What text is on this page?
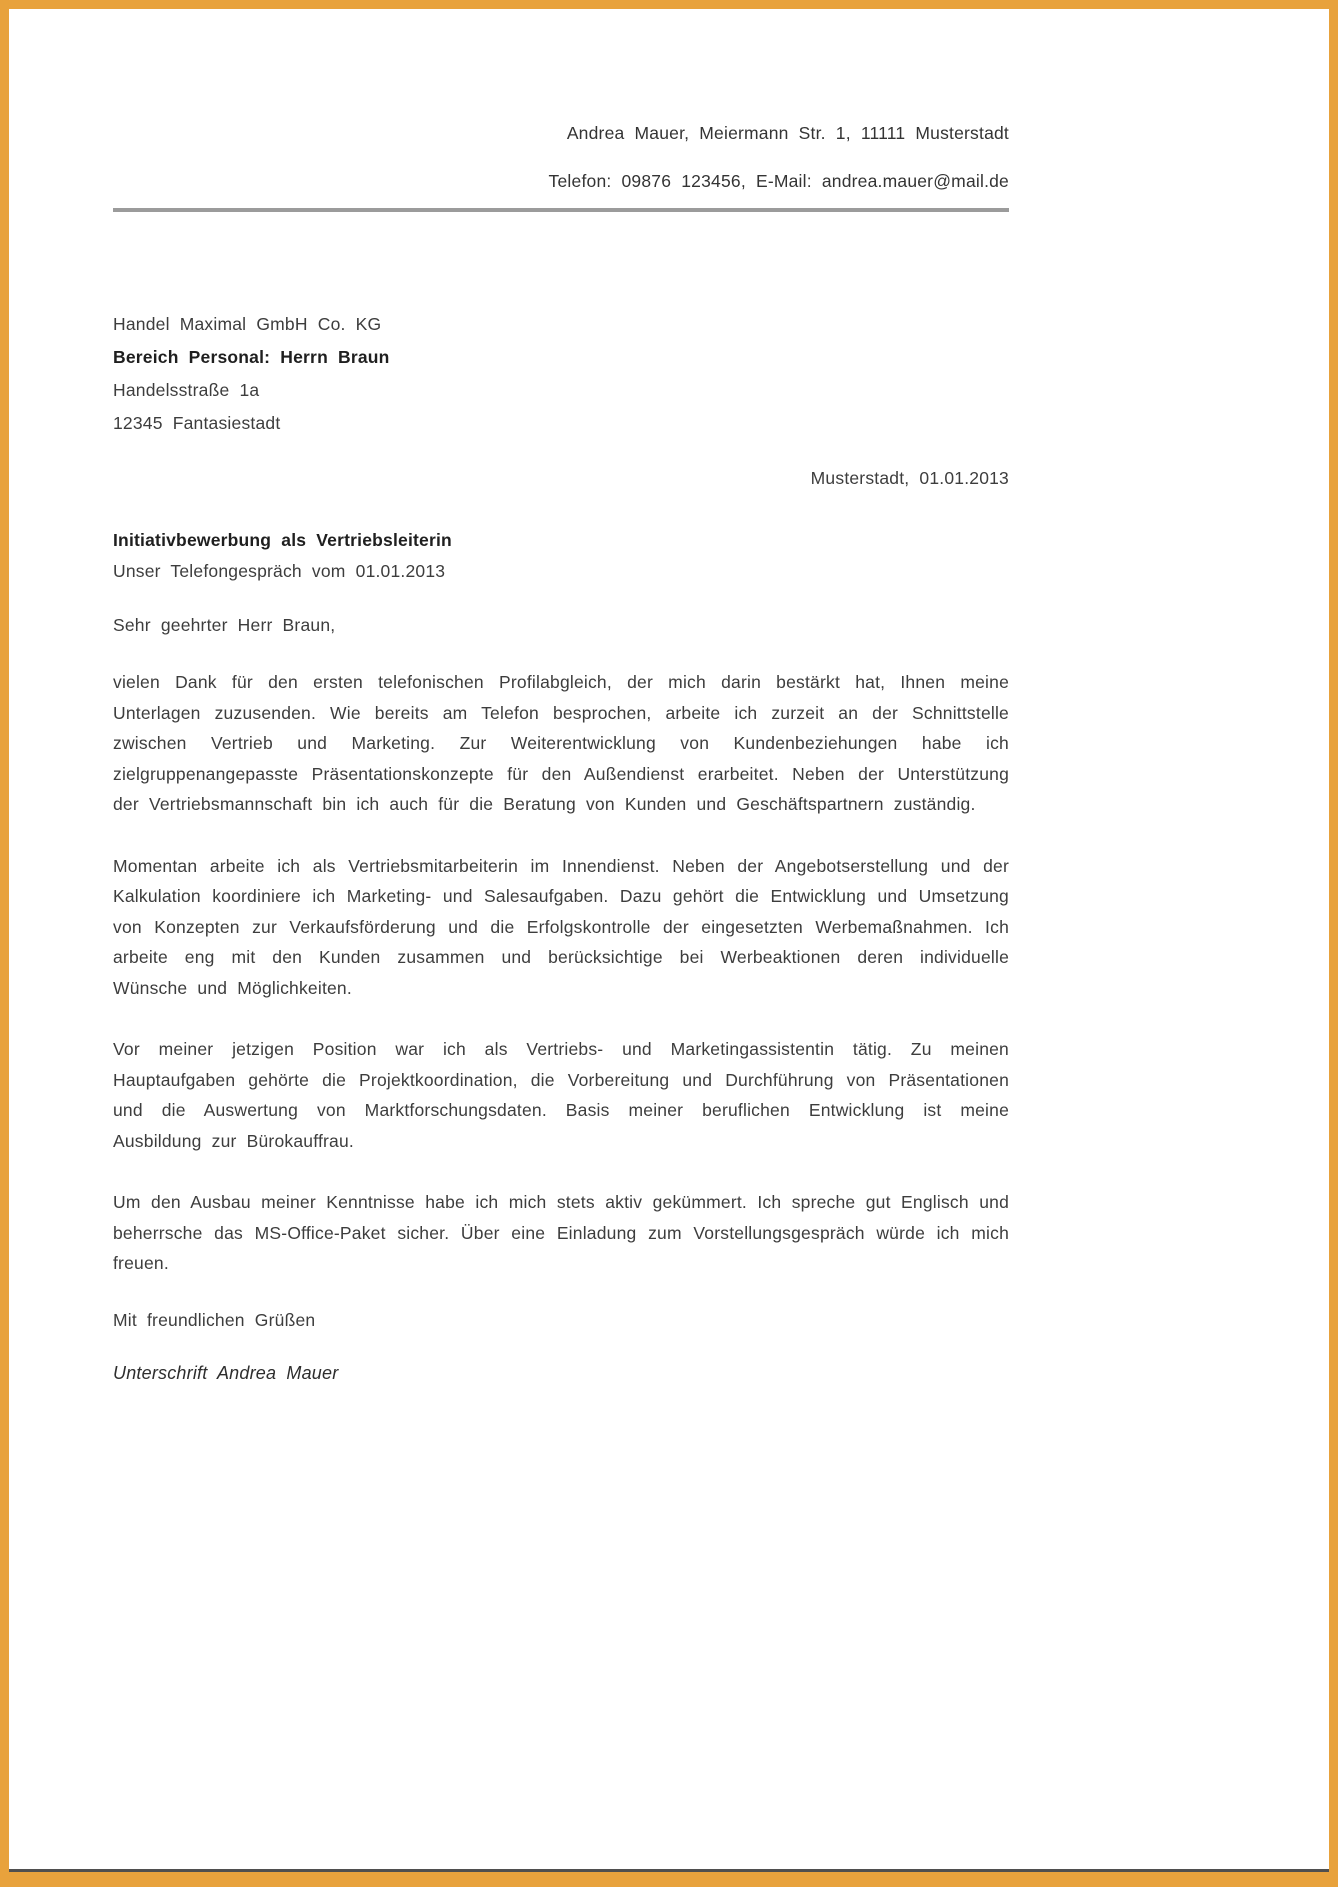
Andrea Mauer, Meiermann Str. 1, 11111 Musterstadt
Telefon: 09876 123456, E-Mail: andrea.mauer@mail.de
Handel Maximal GmbH Co. KG
Bereich Personal: Herrn Braun
Handelsstraße 1a
12345 Fantasiestadt
Musterstadt, 01.01.2013
Initiativbewerbung als Vertriebsleiterin
Unser Telefongespräch vom 01.01.2013
Sehr geehrter Herr Braun,

vielen Dank für den ersten telefonischen Profilabgleich, der mich darin bestärkt hat, Ihnen meine Unterlagen zuzusenden. Wie bereits am Telefon besprochen, arbeite ich zurzeit an der Schnittstelle zwischen Vertrieb und Marketing. Zur Weiterentwicklung von Kundenbeziehungen habe ich zielgruppenangepasste Präsentationskonzepte für den Außendienst erarbeitet. Neben der Unterstützung der Vertriebsmannschaft bin ich auch für die Beratung von Kunden und Geschäftspartnern zuständig.

Momentan arbeite ich als Vertriebsmitarbeiterin im Innendienst. Neben der Angebotserstellung und der Kalkulation koordiniere ich Marketing- und Salesaufgaben. Dazu gehört die Entwicklung und Umsetzung von Konzepten zur Verkaufsförderung und die Erfolgskontrolle der eingesetzten Werbemaßnahmen. Ich arbeite eng mit den Kunden zusammen und berücksichtige bei Werbeaktionen deren individuelle Wünsche und Möglichkeiten.

Vor meiner jetzigen Position war ich als Vertriebs- und Marketingassistentin tätig. Zu meinen Hauptaufgaben gehörte die Projektkoordination, die Vorbereitung und Durchführung von Präsentationen und die Auswertung von Marktforschungsdaten. Basis meiner beruflichen Entwicklung ist meine Ausbildung zur Bürokauffrau.

Um den Ausbau meiner Kenntnisse habe ich mich stets aktiv gekümmert. Ich spreche gut Englisch und beherrsche das MS-Office-Paket sicher. Über eine Einladung zum Vorstellungsgespräch würde ich mich freuen.

Mit freundlichen Grüßen
Unterschrift Andrea Mauer
